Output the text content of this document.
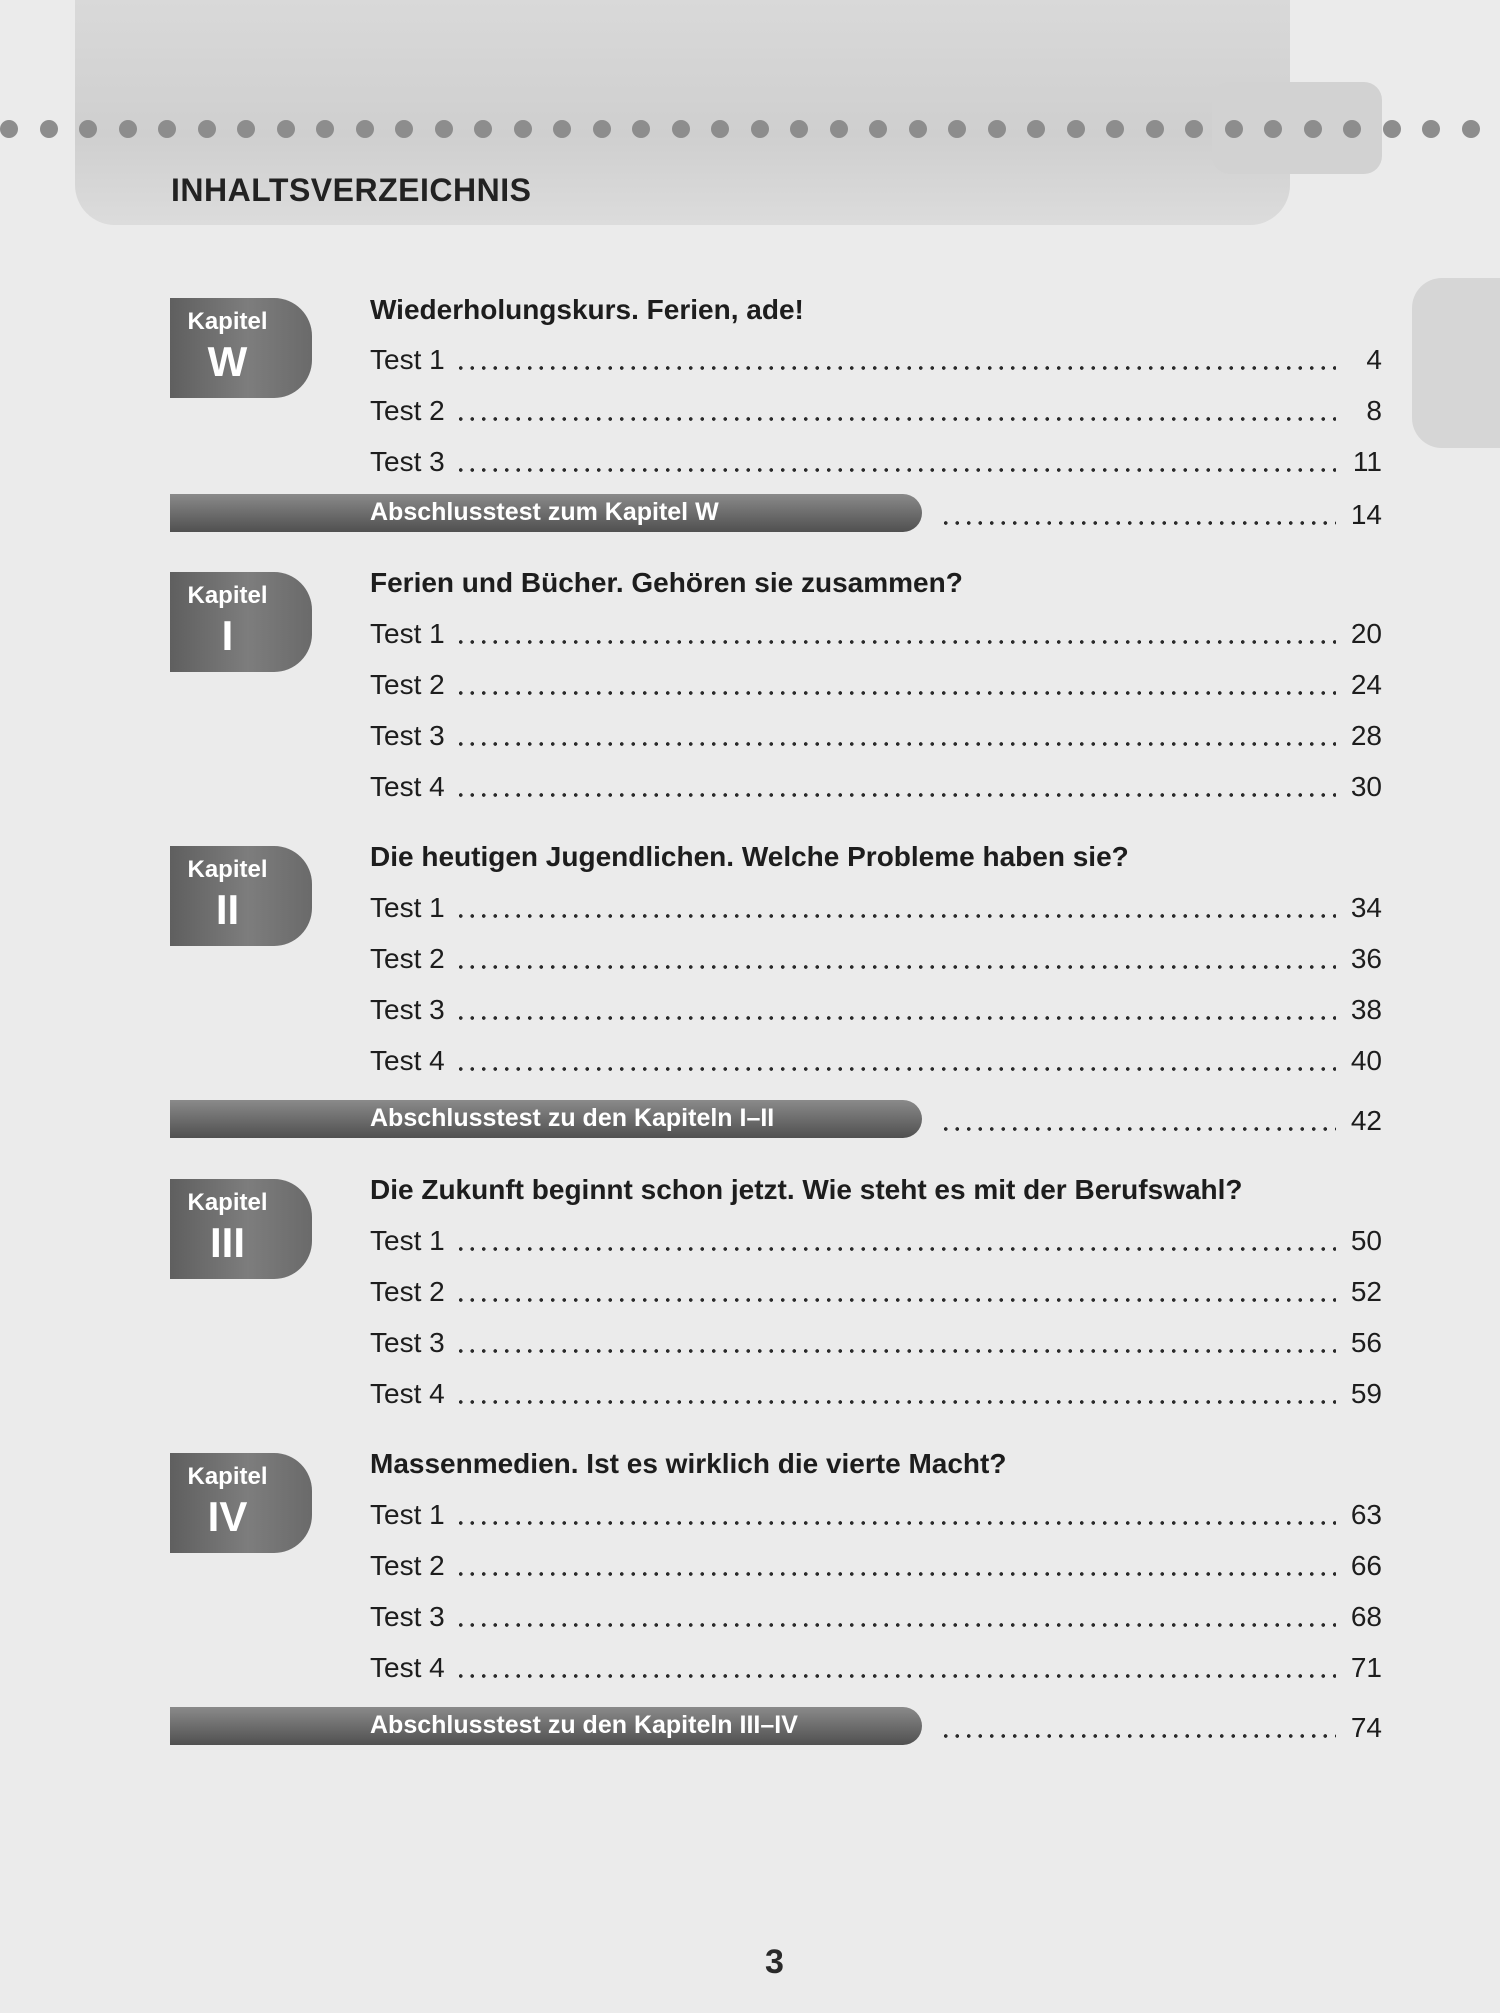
INHALTSVERZEICHNIS
Kapitel
W
Wiederholungskurs. Ferien, ade!
Test 1	4
Test 2	8
Test 3	11
Abschlusstest zum Kapitel W	14
Kapitel
I
Ferien und Bücher. Gehören sie zusammen?
Test 1	20
Test 2	24
Test 3	28
Test 4	30
Kapitel
II
Die heutigen Jugendlichen. Welche Probleme haben sie?
Test 1	34
Test 2	36
Test 3	38
Test 4	40
Abschlusstest zu den Kapiteln I–II	42
Kapitel
III
Die Zukunft beginnt schon jetzt. Wie steht es mit der Berufswahl?
Test 1	50
Test 2	52
Test 3	56
Test 4	59
Kapitel
IV
Massenmedien. Ist es wirklich die vierte Macht?
Test 1	63
Test 2	66
Test 3	68
Test 4	71
Abschlusstest zu den Kapiteln III–IV	74
3
